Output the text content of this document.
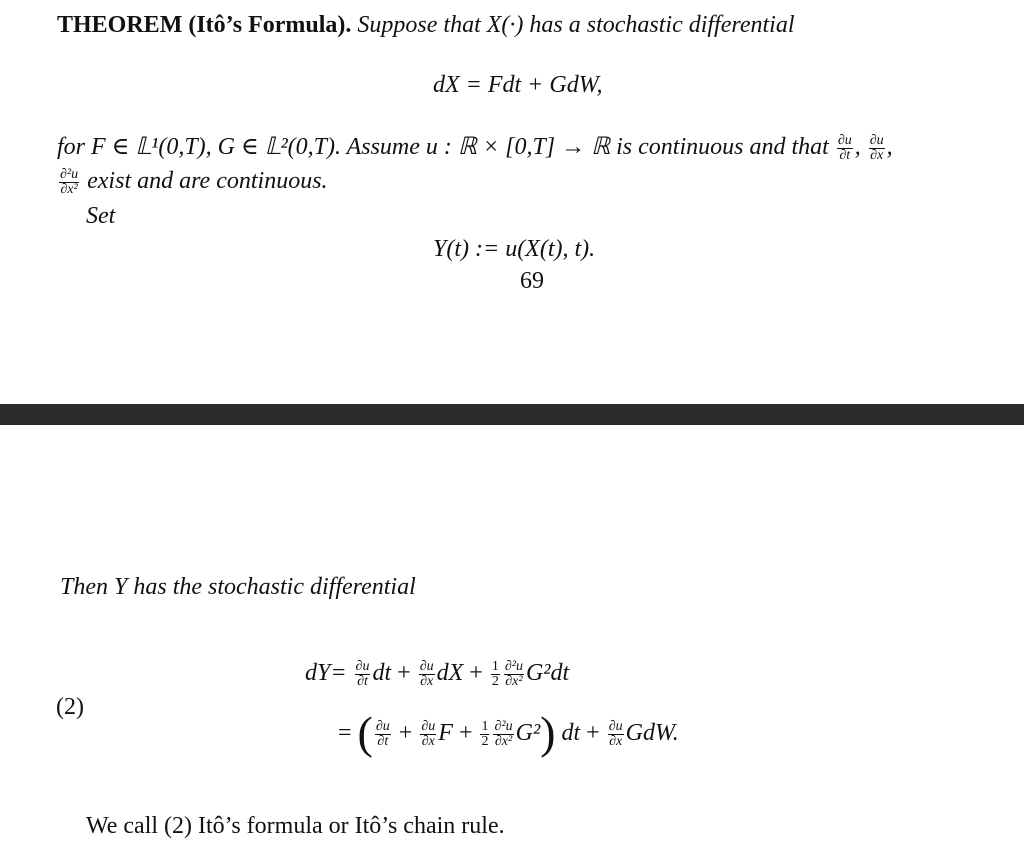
THEOREM (Itô’s Formula). Suppose that X(·) has a stochastic differential
dX = Fdt + GdW,
for F ∈ 𝕃¹(0,T), G ∈ 𝕃²(0,T). Assume u : ℝ × [0,T] → ℝ is continuous and that $\frac{\partial u}{\partial t}$ , $\frac{\partial u}{\partial x}$ ,
$\frac{\text{∂²u}}{\text{∂x²}}$ exist and are continuous.
Set
Y(t) := u(X(t), t).
69
Then Y has the stochastic differential
(2)
$dY= \frac{\partial u}{\partial t}$ dt + $\frac{\partial u}{\partial x}$ dX + $\frac{1}{2} \frac{\text{∂²u}}{\text{∂x²}} G^2dt$
= ( $\frac{\partial u}{\partial t} + \frac{\partial u}{\partial x}$ $F + \frac{1}{2} \frac{\text{∂²u}}{\text{∂x²}} G^2$) dt + $\frac{\partial u}{\partial x}$ GdW.
We call (2) Itô’s formula or Itô’s chain rule.
